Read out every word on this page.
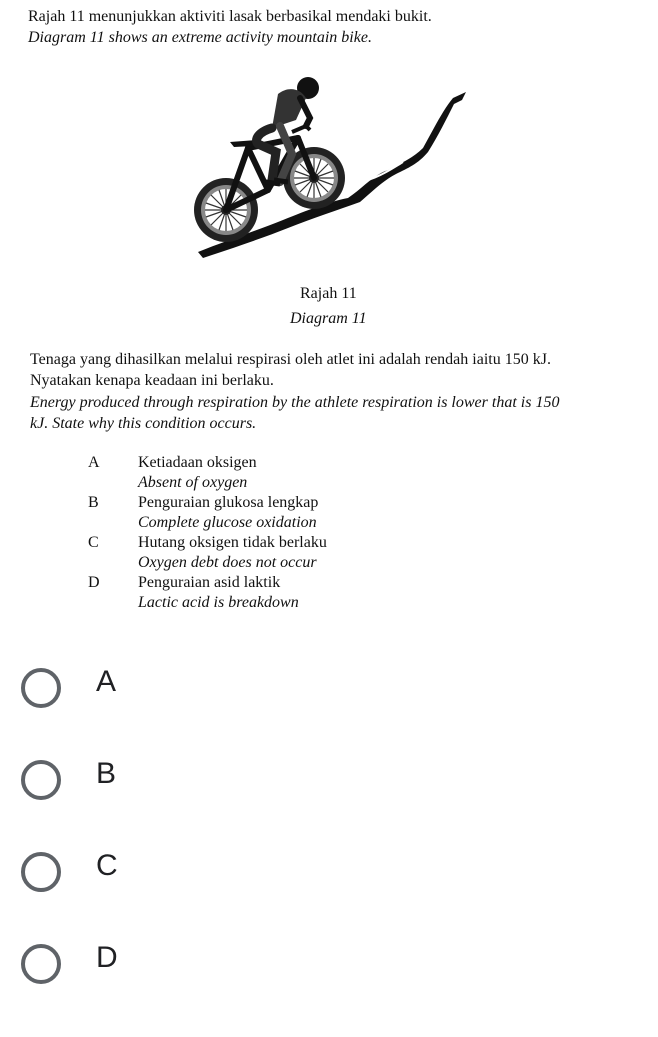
Rajah 11 menunjukkan aktiviti lasak berbasikal mendaki bukit.
Diagram 11 shows an extreme activity mountain bike.
Rajah 11
Diagram 11
Tenaga yang dihasilkan melalui respirasi oleh atlet ini adalah rendah iaitu 150 kJ.
Nyatakan kenapa keadaan ini berlaku.
Energy produced through respiration by the athlete respiration is lower that is 150
kJ. State why this condition occurs.
A Ketiadaan oksigen
Absent of oxygen
B Penguraian glukosa lengkap
Complete glucose oxidation
C Hutang oksigen tidak berlaku
Oxygen debt does not occur
D Penguraian asid laktik
Lactic acid is breakdown
A
B
C
D
